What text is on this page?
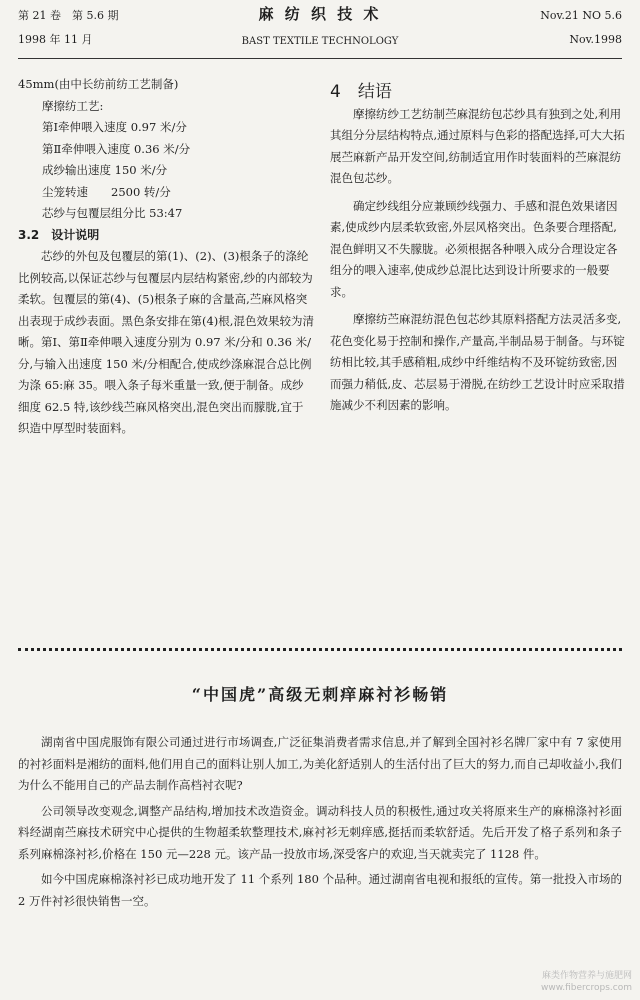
第 21 卷　第 5.6 期
1998 年 11 月
麻 纺 织 技 术
BAST TEXTILE TECHNOLOGY
Nov.21 NO 5.6
Nov.1998

45mm(由中长纺前纺工艺制备)

摩擦纺工艺:

第Ⅰ牵伸喂入速度 0.97 米/分

第Ⅱ牵伸喂入速度 0.36 米/分

成纱输出速度 150 米/分

尘笼转速　　2500 转/分

芯纱与包覆层组分比 53:47

3.2　设计说明

芯纱的外包及包覆层的第(1)、(2)、(3)根条子的涤纶比例较高,以保证芯纱与包覆层内层结构紧密,纱的内部较为柔软。包覆层的第(4)、(5)根条子麻的含量高,苎麻风格突出表现于成纱表面。黑色条安排在第(4)根,混色效果较为清晰。第Ⅰ、第Ⅱ牵伸喂入速度分别为 0.97 米/分和 0.36 米/分,与输入出速度 150 米/分相配合,使成纱涤麻混合总比例为涤 65:麻 35。喂入条子每米重量一致,便于制备。成纱细度 62.5 特,该纱线苎麻风格突出,混色突出而朦胧,宜于织造中厚型时装面料。

4　结语

摩擦纺纱工艺纺制苎麻混纺包芯纱具有独到之处,利用其组分分层结构特点,通过原料与色彩的搭配选择,可大大拓展苎麻新产品开发空间,纺制适宜用作时装面料的苎麻混纺混色包芯纱。

确定纱线组分应兼顾纱线强力、手感和混色效果诸因素,使成纱内层柔软致密,外层风格突出。色条要合理搭配,混色鲜明又不失朦胧。必须根据各种喂入成分合理设定各组分的喂入速率,使成纱总混比达到设计所要求的一般要求。

摩擦纺苎麻混纺混色包芯纱其原料搭配方法灵活多变,花色变化易于控制和操作,产量高,半制品易于制备。与环锭纺相比较,其手感稍粗,成纱中纤维结构不及环锭纺致密,因而强力稍低,皮、芯层易于滑脱,在纺纱工艺设计时应采取措施减少不利因素的影响。

“中国虎”高级无刺痒麻衬衫畅销

湖南省中国虎服饰有限公司通过进行市场调查,广泛征集消费者需求信息,并了解到全国衬衫名牌厂家中有 7 家使用的衬衫面料是湘纺的面料,他们用自己的面料让别人加工,为美化舒适别人的生活付出了巨大的努力,而自己却收益小,我们为什么不能用自己的产品去制作高档衬衣呢?

公司领导改变观念,调整产品结构,增加技术改造资金。调动科技人员的积极性,通过攻关将原来生产的麻棉涤衬衫面料经湖南苎麻技术研究中心提供的生物超柔软整理技术,麻衬衫无刺痒感,挺括而柔软舒适。先后开发了格子系列和条子系列麻棉涤衬衫,价格在 150 元—228 元。该产品一投放市场,深受客户的欢迎,当天就卖完了 1128 件。

如今中国虎麻棉涤衬衫已成功地开发了 11 个系列 180 个品种。通过湖南省电视和报纸的宣传。第一批投入市场的 2 万件衬衫很快销售一空。

麻类作物营养与施肥网
www.fibercrops.com
